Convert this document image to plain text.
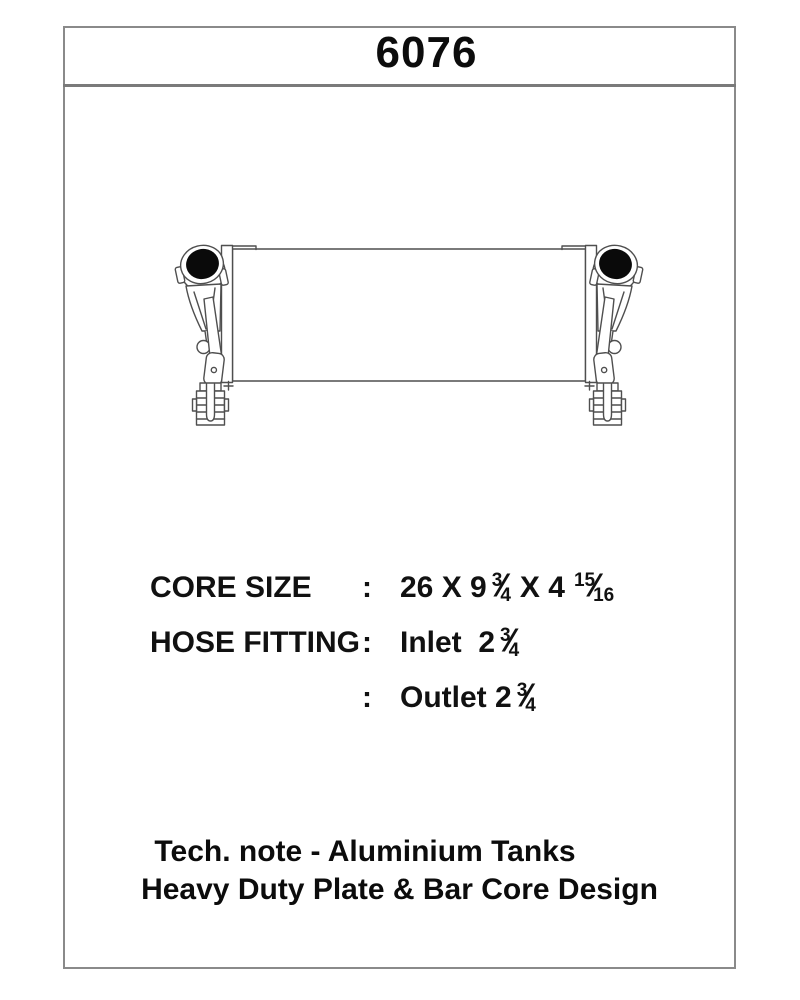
6076
CORE SIZE	: 26 X 9 $^3$4 X 4 $^{15}$16
HOSE FITTING : Inlet  2 $^3$4
: Outlet 2 $^3$4
Tech. note - Aluminium Tanks
Heavy Duty Plate & Bar Core Design
